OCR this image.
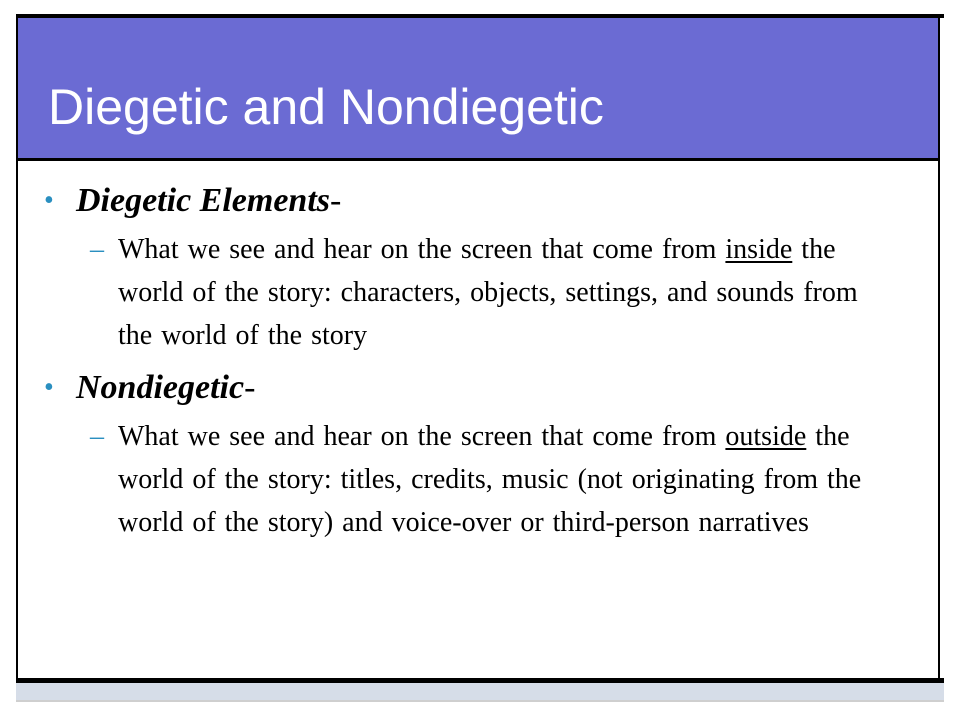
Diegetic and Nondiegetic
• Diegetic Elements-
– What we see and hear on the screen that come from inside the world of the story: characters, objects, settings, and sounds from the world of the story
• Nondiegetic-
– What we see and hear on the screen that come from outside the world of the story: titles, credits, music (not originating from the world of the story) and voice-over or third-person narratives
